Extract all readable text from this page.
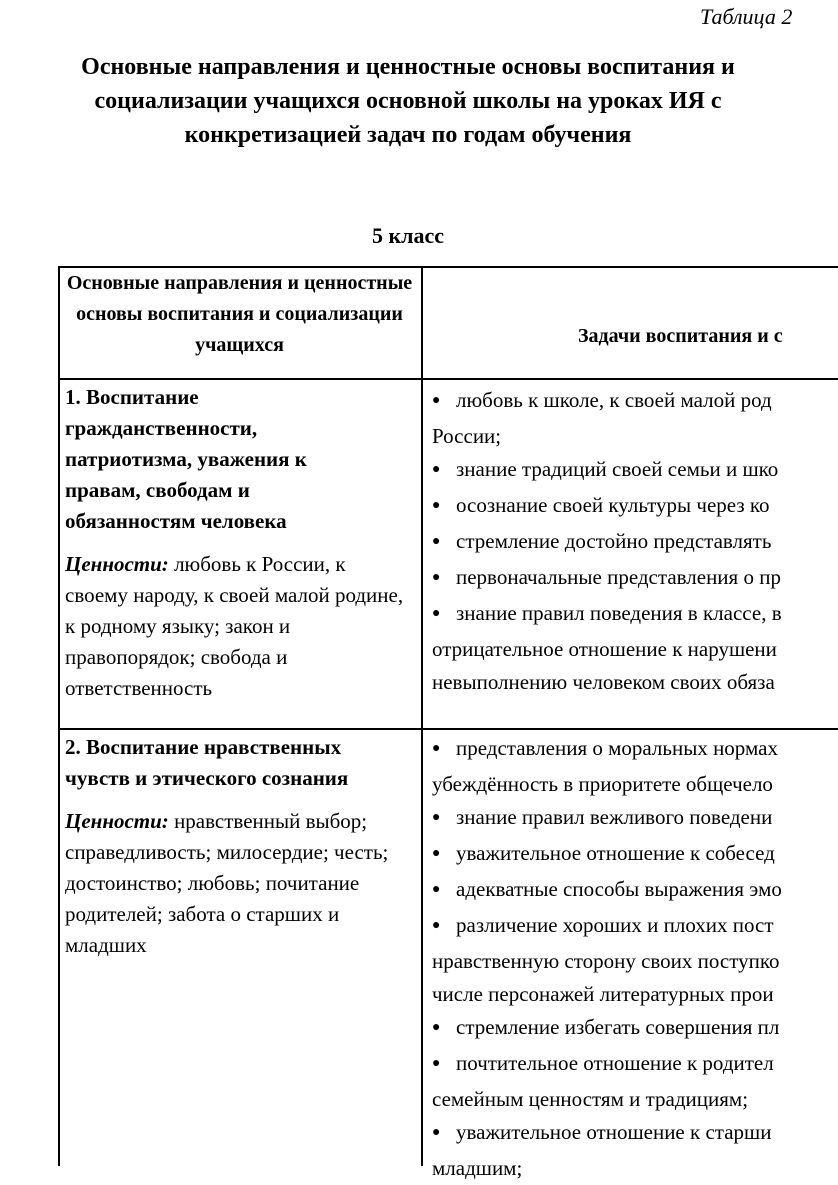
Таблица 2
Основные направления и ценностные основы воспитания и
социализации учащихся основной школы на уроках ИЯ с
конкретизацией задач по годам обучения
5 класс
Основные направления и ценностные основы воспитания и социализации учащихся	Задачи воспитания и с
1. Воспитание
гражданственности,
патриотизма, уважения к
правам, свободам и
обязанностям человека
Ценности: любовь к России, к своему народу, к своей малой родине, к родному языку; закон и правопорядок; свобода и ответственность
● любовь к школе, к своей малой род
России;
● знание традиций своей семьи и шко
● осознание своей культуры через ко
● стремление достойно представлять
● первоначальные представления о пр
● знание правил поведения в классе, в
отрицательное отношение к нарушени
невыполнению человеком своих обяза
2. Воспитание нравственных
чувств и этического сознания
Ценности: нравственный выбор; справедливость; милосердие; честь; достоинство; любовь; почитание родителей; забота о старших и младших
● представления о моральных нормах
убеждённость в приоритете общечело
● знание правил вежливого поведени
● уважительное отношение к собесед
● адекватные способы выражения эмо
● различение хороших и плохих пост
нравственную сторону своих поступко
числе персонажей литературных прои
● стремление избегать совершения пл
● почтительное отношение к родител
семейным ценностям и традициям;
● уважительное отношение к старши
младшим;
